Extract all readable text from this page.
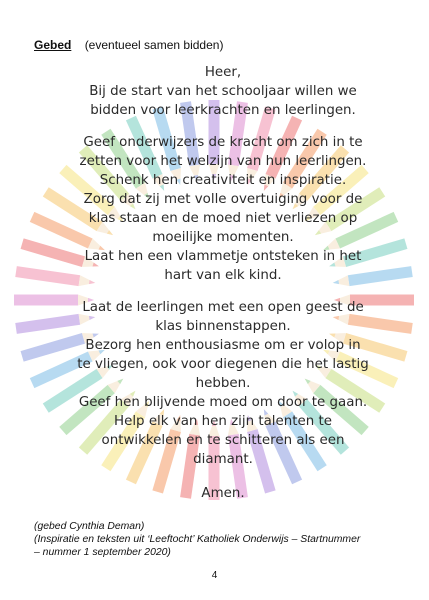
Gebed (eventueel samen bidden)
Heer,
Bij de start van het schooljaar willen we
bidden voor leerkrachten en leerlingen.
Geef onderwijzers de kracht om zich in te
zetten voor het welzijn van hun leerlingen.
Schenk hen creativiteit en inspiratie.
Zorg dat zij met volle overtuiging voor de
klas staan en de moed niet verliezen op
moeilijke momenten.
Laat hen een vlammetje ontsteken in het
hart van elk kind.
Laat de leerlingen met een open geest de
klas binnenstappen.
Bezorg hen enthousiasme om er volop in
te vliegen, ook voor diegenen die het lastig
hebben.
Geef hen blijvende moed om door te gaan.
Help elk van hen zijn talenten te
ontwikkelen en te schitteren als een
diamant.
Amen.
(gebed Cynthia Deman)
(Inspiratie en teksten uit ‘Leeftocht’ Katholiek Onderwijs – Startnummer
– nummer 1 september 2020)
4
